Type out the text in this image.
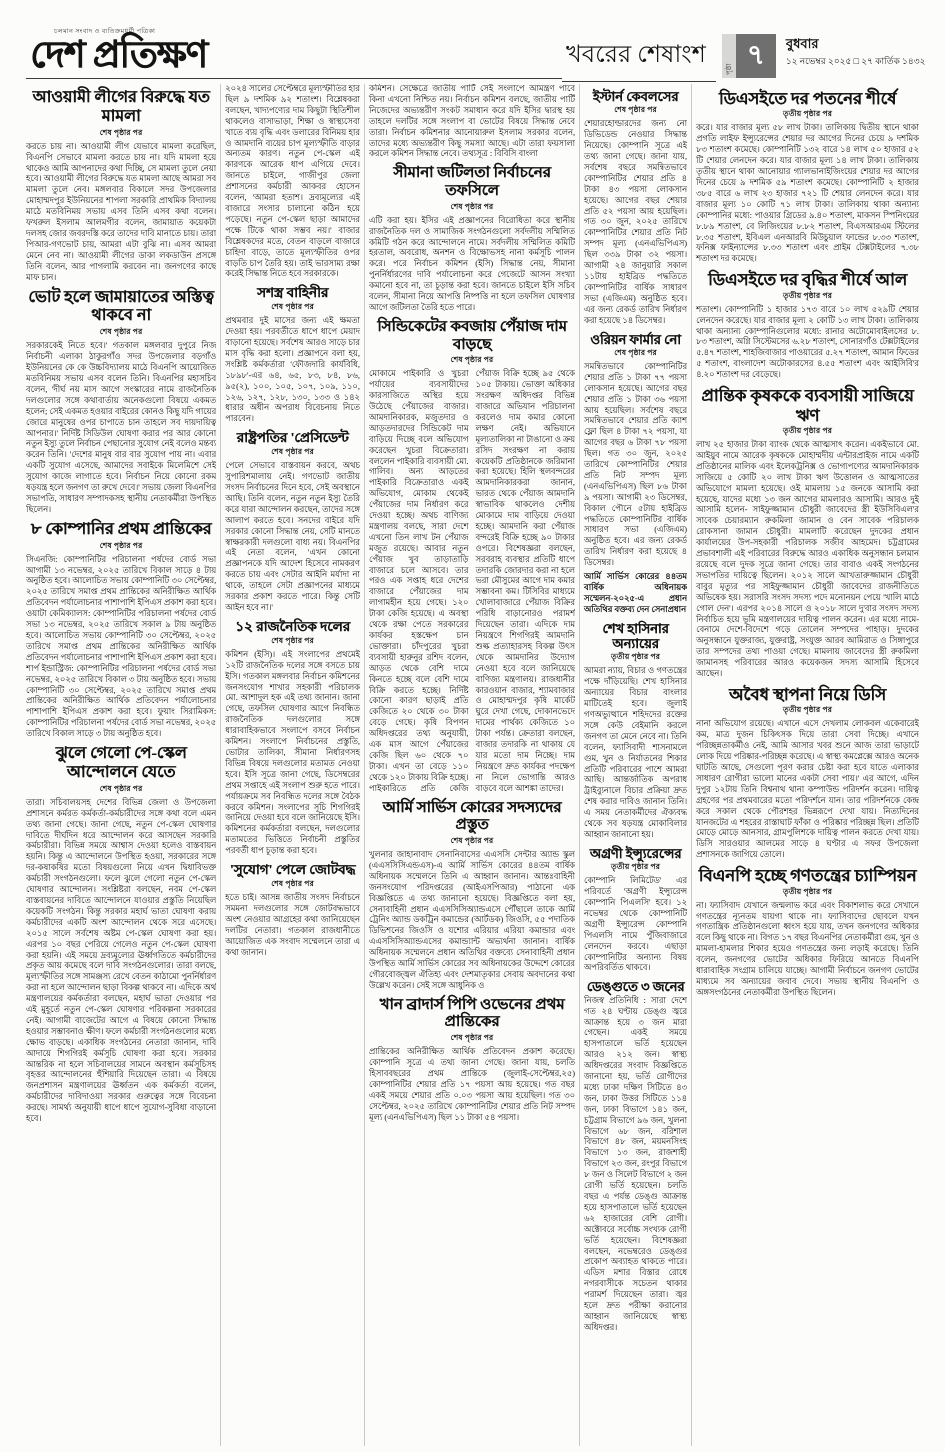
চলমান সংবাদ ও ব্যতিক্রমধর্মী পত্রিকা
দেশ প্রতিক্ষণ	খবরের শেষাংশ
পৃষ্ঠা ৭	বুধবার
১২ নভেম্বর ২০২৫ □ ২৭ কার্তিক ১৪৩২
আওয়ামী লীগের বিরুদ্ধে যত মামলা
শেষ পৃষ্ঠার পর
করতে চায় না। আওয়ামী লীগ যেভাবে মামলা করেছিল, বিএনপি সেভাবে মামলা করতে চায় না। যদি মামলা হয়ে থাকেও আমি আপনাদের কথা দিচ্ছি, সে মামলা তুলে নেয়া হবে। আওয়ামী লীগের বিরুদ্ধে যত মামলা আছে আমরা সব মামলা তুলে নেব। মঙ্গলবার বিকালে সদর উপজেলার মোহাম্মদপুর ইউনিয়নের শাপলা সরকারি প্রাথমিক বিদ্যালয় মাঠে মতবিনিময় সভায় এসব তিনি এসব কথা বলেন। ফখরুল ইসলাম আলমগীর বলেন, জামায়াত কয়েকটা দলসহ জোর জবরদস্তি করে তাদের দাবি মানাতে চায়। তারা পিআর-গণভোট চায়, আমরা এটা বুঝি না। এসব আমরা মেনে নেব না। আওয়ামী লীগের ডাকা লকডাউন প্রসঙ্গে তিনি বলেন, আর পাগলামি করবেন না। জনগণের কাছে মাফ চান।
ভোট হলে জামায়াতের অস্তিত্ব থাকবে না
শেষ পৃষ্ঠার পর
সরকারকেই নিতে হবে।' গতকাল মঙ্গলবার দুপুরে নিজ নির্বাচনী এলাকা ঠাকুরগাঁও সদর উপজেলার বড়গাঁও ইউনিয়নের কে কে উচ্চবিদ্যালয় মাঠে বিএনপি আয়োজিত মতবিনিময় সভায় এসব বলেন তিনি। বিএনপির মহাসচিব বলেন, 'দীর্ঘ নয় মাস আগে সংস্কারের নামে রাজনৈতিক দলগুলোর সঙ্গে কথাবার্তায় অনেকগুলো বিষয়ে একমত হলেন; সেই একমত হওয়ার বাইরের কোনও কিছু যদি গায়ের জোরে মানুষের ওপর চাপাতে চান তাহলে সব দায়দায়িত্ব আপনার।' নির্দিষ্ট সিডিউল ঘোষণা করার পর আর কোনো নতুন ইস্যু তুলে নির্বাচন পেছানোর সুযোগ নেই বলেও মন্তব্য করেন তিনি। 'দেশের মানুষ বার বার সুযোগ পায় না। এবার একটি সুযোগ এসেছে, আমাদের সবাইকে মিলেমিশে সেই সুযোগ কাজে লাগাতে হবে। নির্বাচন নিয়ে কোনো রকম ষড়যন্ত্র হলে জনগণ তা রুখে দেবে।' সভায় জেলা বিএনপির সভাপতি, সাধারণ সম্পাদকসহ স্থানীয় নেতাকর্মীরা উপস্থিত ছিলেন।
৮ কোম্পানির প্রথম প্রান্তিকের
শেষ পৃষ্ঠার পর
সিএনজি: কোম্পানিটির পরিচালনা পর্ষদের বোর্ড সভা আগামী ১৩ নভেম্বর, ২০২৫ তারিখে বিকাল সাড়ে ৪ টায় অনুষ্ঠিত হবে। আলোচিত সভায় কোম্পানিটি ৩০ সেপ্টেম্বর, ২০২৫ তারিখে সমাপ্ত প্রথম প্রান্তিকের অনিরীক্ষিত আর্থিক প্রতিবেদন পর্যালোচনার পাশাপাশি ইপিএস প্রকাশ করা হবে। ওয়াটা কেমিক্যালস: কোম্পানিটির পরিচালনা পর্ষদের বোর্ড সভা ১৩ নভেম্বর, ২০২৫ তারিখে সকাল ৯ টায় অনুষ্ঠিত হবে। আলোচিত সভায় কোম্পানিটি ৩০ সেপ্টেম্বর, ২০২৫ তারিখে সমাপ্ত প্রথম প্রান্তিকের অনিরীক্ষিত আর্থিক প্রতিবেদন পর্যালোচনার পাশাপাশি ইপিএস প্রকাশ করা হবে। শার্প ইন্ডাস্ট্রিজ: কোম্পানিটির পরিচালনা পর্ষদের বোর্ড সভা নভেম্বর, ২০২৫ তারিখে বিকাল ৩ টায় অনুষ্ঠিত হবে। সভায় কোম্পানিটি ৩০ সেপ্টেম্বর, ২০২৫ তারিখে সমাপ্ত প্রথম প্রান্তিকের অনিরীক্ষিত আর্থিক প্রতিবেদন পর্যালোচনার পাশাপাশি ইপিএস প্রকাশ করা হবে। ফুয়াং সিরামিকস: কোম্পানিটির পরিচালনা পর্ষদের বোর্ড সভা নভেম্বর, ২০২৫ তারিখে বিকাল সাড়ে ৩ টায় অনুষ্ঠিত হবে।
ঝুলে গেলো পে-স্কেল আন্দোলনে যেতে
শেষ পৃষ্ঠার পর
তারা। সচিবালয়সহ দেশের বিভিন্ন জেলা ও উপজেলা প্রশাসনে কর্মরত কর্মকর্তা-কর্মচারীদের সঙ্গে কথা বলে এমন তথ্য জানা গেছে। জানা গেছে, নতুন পে-স্কেল ঘোষণার দাবিতে দীর্ঘদিন ধরে আন্দোলন করে আসছেন সরকারি কর্মচারীরা। বিভিন্ন সময়ে আশ্বাস দেওয়া হলেও বাস্তবায়ন হয়নি। কিন্তু এ আন্দোলনে উপস্থিত হওয়া, সরকারের সঙ্গে দর-কষাকষির মতো বিষয়গুলো নিয়ে এখন দ্বিধাবিভক্ত কর্মচারী সংগঠনগুলো। ফলে ঝুলে গেলো নতুন পে-স্কেল ঘোষণার আন্দোলন। সংশ্লিষ্টরা বলছেন, নবম পে-স্কেল বাস্তবায়নের দাবিতে আন্দোলনে যাওয়ার প্রস্তুতি নিয়েছিল কয়েকটি সংগঠন। কিন্তু সরকার মহার্ঘ ভাতা ঘোষণা করায় কর্মচারীদের একটি অংশ আন্দোলন থেকে সরে এসেছে। ২০১৫ সালে সর্বশেষ অষ্টম পে-স্কেল ঘোষণা করা হয়। এরপর ১০ বছর পেরিয়ে গেলেও নতুন পে-স্কেল ঘোষণা করা হয়নি। এই সময়ে দ্রব্যমূল্যের ঊর্ধ্বগতিতে কর্মচারীদের প্রকৃত আয় কমেছে বলে দাবি সংগঠনগুলোর। তারা বলছে, মূল্যস্ফীতির সঙ্গে সামঞ্জস্য রেখে বেতন কাঠামো পুনর্নির্ধারণ করা না হলে আন্দোলন ছাড়া বিকল্প থাকবে না। এদিকে অর্থ মন্ত্রণালয়ের কর্মকর্তারা বলছেন, মহার্ঘ ভাতা দেওয়ার পর এই মুহূর্তে নতুন পে-স্কেল ঘোষণার পরিকল্পনা সরকারের নেই। আগামী বাজেটের আগে এ বিষয়ে কোনো সিদ্ধান্ত হওয়ার সম্ভাবনাও ক্ষীণ। ফলে কর্মচারী সংগঠনগুলোর মধ্যে ক্ষোভ বাড়ছে। একাধিক সংগঠনের নেতারা জানান, দাবি আদায়ে শিগগিরই কর্মসূচি ঘোষণা করা হবে। সরকার আন্তরিক না হলে সচিবালয়ের সামনে অবস্থান কর্মসূচিসহ বৃহত্তর আন্দোলনের হুঁশিয়ারি দিয়েছেন তারা। এ বিষয়ে জনপ্রশাসন মন্ত্রণালয়ের ঊর্ধ্বতন এক কর্মকর্তা বলেন, কর্মচারীদের দাবিদাওয়া সরকার গুরুত্বের সঙ্গে বিবেচনা করছে। সামর্থ্য অনুযায়ী ধাপে ধাপে সুযোগ-সুবিধা বাড়ানো হবে।
২০২৪ সালের সেপ্টেম্বরে মূল্যস্ফীতির হার ছিল ৯ দশমিক ৯২ শতাংশ। বিশ্লেষকরা বলছেন, খাদ্যপণ্যের দাম কিছুটা স্থিতিশীল থাকলেও বাসাভাড়া, শিক্ষা ও স্বাস্থ্যসেবা খাতে ব্যয় বৃদ্ধি এবং ডলারের বিনিময় হার ও আমদানি ব্যয়ের চাপ মূল্যস্ফীতি বাড়ার অন্যতম কারণ। নতুন পে-স্কেল এই কারণকে আরেক ধাপ এগিয়ে দেবে। জানতে চাইলে, গাজীপুর জেলা প্রশাসনের কর্মচারী আকবর হোসেন বলেন, 'আমরা হতাশ। দ্রব্যমূল্যের এই বাজারে সংসার চালানো কঠিন হয়ে পড়েছে। নতুন পে-স্কেল ছাড়া আমাদের পক্ষে টিকে থাকা সম্ভব নয়।' বাজার বিশ্লেষকদের মতে, বেতন বাড়লে বাজারে চাহিদা বাড়ে, তাতে মূল্যস্ফীতির ওপর বাড়তি চাপ তৈরি হয়। তাই ভারসাম্য রক্ষা করেই সিদ্ধান্ত নিতে হবে সরকারকে।
সশস্ত্র বাহিনীর
শেষ পৃষ্ঠার পর
প্রথমবার দুই মাসের জন্য এই ক্ষমতা দেওয়া হয়। পরবর্তীতে ধাপে ধাপে মেয়াদ বাড়ানো হয়েছে। সর্বশেষ আরও সাড়ে চার মাস বৃদ্ধি করা হলো। প্রজ্ঞাপনে বলা হয়, সংশ্লিষ্ট কর্মকর্তারা 'ফৌজদারি কার্যবিধি, ১৮৯৮'-এর ৬৪, ৬৫, ৮৩, ৮৪, ৮৬, ৯৫(২), ১০০, ১০৫, ১০৭, ১০৯, ১১০, ১২৬, ১২৭, ১২৮, ১৩০, ১৩৩ ও ১৪২ ধারার অধীন অপরাধ বিবেচনায় নিতে পারবেন।
রাষ্ট্রপতির 'প্রেসিডেন্ট
শেষ পৃষ্ঠার পর
পেলে সেভাবে বাস্তবায়ন করবে, অথচ সুপারিশমালায় নেই। গণভোট জাতীয় সংসদ নির্বাচনের দিনে হবে, সেই অবস্থানে আছি। তিনি বলেন, নতুন নতুন ইস্যু তৈরি করে যারা আন্দোলন করছেন, তাদের সঙ্গে আলাপ করতে হবে। সনদের বাইরে যদি সরকার কোনো সিদ্ধান্ত নেয়, সেটি মানতে স্বাক্ষরকারী দলগুলো বাধ্য নয়। বিএনপির এই নেতা বলেন, 'এখন কোনো প্রজ্ঞাপনকে যদি আদেশ হিসেবে নামকরণ করতে চায় এবং সেটার আইনি মর্যাদা না থাকে, তাহলে সেটা প্রজ্ঞাপনের মাধ্যমে সরকার প্রকাশ করতে পারে। কিন্তু সেটি আইন হবে না।'
১২ রাজনৈতিক দলের
শেষ পৃষ্ঠার পর
কমিশন (ইসি)। এই সংলাপের প্রথমেই ১২টি রাজনৈতিক দলের সঙ্গে বসতে চায় ইসি। গতকাল মঙ্গলবার নির্বাচন কমিশনের জনসংযোগ শাখার সহকারী পরিচালক মো. আশাদুল হক এই তথ্য জানান। জানা গেছে, তফসিল ঘোষণার আগে নিবন্ধিত রাজনৈতিক দলগুলোর সঙ্গে ধারাবাহিকভাবে সংলাপে বসবে নির্বাচন কমিশন। সংলাপে নির্বাচনের প্রস্তুতি, ভোটার তালিকা, সীমানা নির্ধারণসহ বিভিন্ন বিষয়ে দলগুলোর মতামত নেওয়া হবে। ইসি সূত্রে জানা গেছে, ডিসেম্বরের প্রথম সপ্তাহে এই সংলাপ শুরু হতে পারে। পর্যায়ক্রমে সব নিবন্ধিত দলের সঙ্গে বৈঠক করবে কমিশন। সংলাপের সূচি শিগগিরই জানিয়ে দেওয়া হবে বলে জানিয়েছে ইসি। কমিশনের কর্মকর্তারা বলছেন, দলগুলোর মতামতের ভিত্তিতে নির্বাচনী প্রস্তুতির পরবর্তী ধাপ চূড়ান্ত করা হবে।
'সুযোগ' পেলে জোটবদ্ধ
শেষ পৃষ্ঠার পর
হতে চাই। আসন্ন জাতীয় সংসদ নির্বাচনে সমমনা দলগুলোর সঙ্গে জোটবদ্ধভাবে অংশ নেওয়ার আগ্রহের কথা জানিয়েছেন দলটির নেতারা। গতকাল রাজধানীতে আয়োজিত এক সংবাদ সম্মেলনে তারা এ কথা জানান।
কমিশন। সেক্ষেত্রে জাতীয় পার্টি সেই সংলাপে আমন্ত্রণ পাবে কিনা এখনো নিশ্চিত নয়। নির্বাচন কমিশন বলছে, জাতীয় পার্টি নিজেদের অভ্যন্তরীণ সংকট সমাধান করে যদি ইসির দ্বারস্থ হয় তাহলে দলটির সঙ্গে সংলাপ বা ভোটের বিষয়ে সিদ্ধান্ত নেবে তারা। নির্বাচন কমিশনার আনোয়ারুল ইসলাম সরকার বলেন, তাদের মধ্যে অভ্যন্তরীণ কিছু সমস্যা আছে। এটা তারা ফয়সালা করলে কমিশন সিদ্ধান্ত নেবে। তথ্যসূত্র : বিবিসি বাংলা
সীমানা জটিলতা নির্বাচনের তফসিলে
শেষ পৃষ্ঠার পর
এটি করা হয়। ইসির এই প্রজ্ঞাপনের বিরোধিতা করে স্থানীয় রাজনৈতিক দল ও সামাজিক সংগঠনগুলো সর্বদলীয় সম্মিলিত কমিটি গঠন করে আন্দোলনে নামে। সর্বদলীয় সম্মিলিত কমিটি হরতাল, অবরোধ, অনশন ও বিক্ষোভসহ নানা কর্মসূচি পালন করে। পরে নির্বাচন কমিশন (ইসি) সিদ্ধান্ত নেয়, সীমানা পুনর্নির্ধারণের দাবি পর্যালোচনা করে গেজেটে আসন সংখ্যা কমানো হবে না, তা চূড়ান্ত করা হবে। জানতে চাইলে ইসি সচিব বলেন, সীমানা নিয়ে আপত্তি নিষ্পত্তি না হলে তফসিল ঘোষণার আগে জটিলতা তৈরি হতে পারে।
সিন্ডিকেটের কবজায় পেঁয়াজ দাম বাড়ছে
শেষ পৃষ্ঠার পর
মোকামে পাইকারি ও খুচরা পর্যায়ের ব্যবসায়ীদের কারসাজিতে অস্থির হয়ে উঠেছে পেঁয়াজের বাজার। আমদানিকারক, মজুতদার ও আড়তদারদের সিন্ডিকেট দাম বাড়িয়ে দিচ্ছে বলে অভিযোগ করেছেন খুচরা বিক্রেতারা। বললেন পাইকারি ব্যবসায়ী মো. গালিব। অন্য আড়তের পাইকারি বিক্রেতারাও একই অভিযোগ, মোকাম থেকেই পেঁয়াজের দাম নির্ধারণ করে দেওয়া হচ্ছে। অথচ বাণিজ্য মন্ত্রণালয় বলছে, সারা দেশে এখনো তিন লাখ টন পেঁয়াজ মজুত রয়েছে। আবার নতুন পেঁয়াজ খুব তাড়াতাড়ি বাজারে চলে আসবে। তার পরও এক সপ্তাহ ধরে দেশের বাজারে পেঁয়াজের দাম লাগামহীন হয়ে গেছে। ১২০ টাকা কেজি হয়েছে। এ অবস্থা থেকে রক্ষা পেতে সরকারের কার্যকর হস্তক্ষেপ চান ভোক্তারা। চাঁদপুরের খুচরা ব্যবসায়ী হারুনুর রশিদ বলেন, আড়ত থেকে বেশি দামে কিনতে হচ্ছে বলে বেশি দামে বিক্রি করতে হচ্ছে। নির্দিষ্ট কোনো কারণ ছাড়াই প্রতি কেজিতে ২০ থেকে ৩০ টাকা বেড়ে গেছে। কৃষি বিপণন অধিদপ্তরের তথ্য অনুযায়ী, এক মাস আগে পেঁয়াজের কেজি ছিল ৬০ থেকে ৭০ টাকা। এখন তা বেড়ে ১১০ থেকে ১২০ টাকায় বিক্রি হচ্ছে। পাইকারিতে প্রতি কেজি পেঁয়াজ বিক্রি হচ্ছে ৯৫ থেকে ১০৫ টাকায়। ভোক্তা অধিকার সংরক্ষণ অধিদপ্তর বিভিন্ন বাজারে অভিযান পরিচালনা করলেও দাম কমার কোনো লক্ষণ নেই। অভিযানে মূল্যতালিকা না টাঙানো ও ক্রয় রসিদ সংরক্ষণ না করায় কয়েকটি প্রতিষ্ঠানকে জরিমানা করা হয়েছে। হিলি স্থলবন্দরের আমদানিকারকরা জানান, ভারত থেকে পেঁয়াজ আমদানি স্বাভাবিক থাকলেও দেশীয় মোকামে দাম বাড়িয়ে দেওয়া হচ্ছে। আমদানি করা পেঁয়াজ বন্দরেই বিক্রি হচ্ছে ৯০ টাকার ওপরে। বিশেষজ্ঞরা বলছেন, সরবরাহ ব্যবস্থার প্রতিটি ধাপে তদারকি জোরদার করা না হলে ভরা মৌসুমের আগে দাম কমার সম্ভাবনা কম। টিসিবির মাধ্যমে খোলাবাজারে পেঁয়াজ বিক্রির পরিধি বাড়ানোরও পরামর্শ দিয়েছেন তারা। এদিকে দাম নিয়ন্ত্রণে শিগগিরই আমদানি শুল্ক প্রত্যাহারসহ বিকল্প উৎস থেকে আমদানির উদ্যোগ নেওয়া হবে বলে জানিয়েছে বাণিজ্য মন্ত্রণালয়। রাজধানীর কারওয়ান বাজার, শ্যামবাজার ও মোহাম্মদপুর কৃষি মার্কেট ঘুরে দেখা গেছে, দোকানভেদে দামের পার্থক্য কেজিতে ১০ টাকা পর্যন্ত। ক্রেতারা বলছেন, বাজার তদারকি না থাকায় যে যার মতো দাম নিচ্ছে। দাম নিয়ন্ত্রণে দ্রুত কার্যকর পদক্ষেপ না নিলে ভোগান্তি আরও বাড়বে বলে আশঙ্কা তাদের।
আর্মি সার্ভিস কোরের সদস্যদের প্রস্তুত
শেষ পৃষ্ঠার পর
খুলনার জাহানাবাদ সেনানিবাসের এএসসি সেন্টার অ্যান্ড স্কুল (এএসসিসিএন্ডএস)-এ আর্মি সার্ভিস কোরের ৪৪তম বার্ষিক অধিনায়ক সম্মেলনে তিনি এ আহ্বান জানান। আন্তঃবাহিনী জনসংযোগ পরিদপ্তরের (আইএসপিআর) পাঠানো এক বিজ্ঞপ্তিতে এ তথ্য জানানো হয়েছে। বিজ্ঞপ্তিতে বলা হয়, সেনাবাহিনী প্রধান এএসসিসিঅ্যান্ডএসে পৌঁছালে তাকে আর্মি ট্রেনিং অ্যান্ড ডকট্রিন কমান্ডের (আর্টডক) জিওসি, ৫৫ পদাতিক ডিভিশনের জিওসি ও যশোর এরিয়ার এরিয়া কমান্ডার এবং এএসসিসিঅ্যান্ডএসের কমান্ড্যান্ট অভ্যর্থনা জানান। বার্ষিক অধিনায়ক সম্মেলনে প্রধান অতিথির বক্তব্যে সেনাবাহিনী প্রধান উপস্থিত আর্মি সার্ভিস কোরের সব অধিনায়কের উদ্দেশে কোরের গৌরবোজ্জ্বল ঐতিহ্য এবং দেশমাতৃকার সেবায় অবদানের কথা উল্লেখ করেন। সেই সঙ্গে আধুনিক ও
খান ব্রাদার্স পিপি ওভেনের প্রথম প্রান্তিকের
শেষ পৃষ্ঠার পর
প্রান্তিকের অনিরীক্ষিত আর্থিক প্রতিবেদন প্রকাশ করেছে। কোম্পানি সূত্রে এ তথ্য জানা গেছে। জানা যায়, চলতি হিসাববছরের প্রথম প্রান্তিকে (জুলাই-সেপ্টেম্বর,২৫) কোম্পানিটির শেয়ার প্রতি ১৭ পয়সা আয় হয়েছে। গত বছর একই সময়ে শেয়ার প্রতি ০.০৩ পয়সা আয় হয়েছিল। গত ৩০ সেপ্টেম্বর, ২০২৫ তারিখে কোম্পানিটির শেয়ার প্রতি নিট সম্পদ মূল্য (এনএভিপিএস) ছিল ১১ টাকা ৫৪ পয়সা।
ইস্টার্ন কেবলসের
শেষ পৃষ্ঠার পর
শেয়ারহোল্ডারদের জন্য নো ডিভিডেন্ড নেওয়ার সিদ্ধান্ত নিয়েছে। কোম্পানি সূত্রে এই তথ্য জানা গেছে। জানা যায়, সর্বশেষ বছরে সমন্বিতভাবে কোম্পানিটির শেয়ার প্রতি ৪ টাকা ৪৩ পয়সা লোকসান হয়েছে। আগের বছর শেয়ার প্রতি ৫২ পয়সা আয় হয়েছিল। গত ৩০ জুন, ২০২৫ তারিখে কোম্পানিটির শেয়ার প্রতি নিট সম্পদ মূল্য (এনএভিপিএস) ছিল ৩৩৯ টাকা ৩২ পয়সা। আগামী ২৪ জানুয়ারি সকাল ১১টায় হাইব্রিড পদ্ধতিতে কোম্পানিটির বার্ষিক সাধারণ সভা (এজিএম) অনুষ্ঠিত হবে। এর জন্য রেকর্ড তারিখ নির্ধারণ করা হয়েছে ১৪ ডিসেম্বর।
ওরিয়ন ফার্মার নো
শেষ পৃষ্ঠার পর
সমন্বিতভাবে কোম্পানিটির শেয়ার প্রতি ১ টাকা ৭৭ পয়সা লোকসান হয়েছে। আগের বছর শেয়ার প্রতি ১ টাকা ৩৬ পয়সা আয় হয়েছিল। সর্বশেষ বছরে সমন্বিতভাবে শেয়ার প্রতি ক্যাশ ফ্লো ছিল ৪ টাকা ৭২ পয়সা, যা আগের বছর ৬ টাকা ৭৮ পয়সা ছিল। গত ৩০ জুন, ২০২৫ তারিখে কোম্পানিটির শেয়ার প্রতি নিট সম্পদ মূল্য (এনএভিপিএস) ছিল ৮৬ টাকা ৯ পয়সা। আগামী ২৩ ডিসেম্বর, বিকাল পৌনে ৫টায় হাইব্রিড পদ্ধতিতে কোম্পানিটির বার্ষিক সাধারণ সভা (এজিএম) অনুষ্ঠিত হবে। এর জন্য রেকর্ড তারিখ নির্ধারণ করা হয়েছে ৪ ডিসেম্বর।
আর্মি সার্ভিস কোরের ৪৪তম বার্ষিক অধিনায়ক সম্মেলন-২০২৫-এ প্রধান অতিথির বক্তব্য দেন সেনাপ্রধান
শেখ হাসিনার অন্যায়ের
তৃতীয় পৃষ্ঠার পর
আমরা ন্যায়, বিচার ও গণতন্ত্রের পক্ষে দাঁড়িয়েছি। শেখ হাসিনার অন্যায়ের বিচার বাংলার মাটিতেই হবে। জুলাই গণঅভ্যুত্থানে শহিদদের রক্তের সঙ্গে কেউ বেইমানি করলে জনগণ তা মেনে নেবে না। তিনি বলেন, ফ্যাসিবাদী শাসনামলে গুম, খুন ও নির্যাতনের শিকার প্রতিটি পরিবারের পাশে আমরা আছি। আন্তর্জাতিক অপরাধ ট্রাইব্যুনালে বিচার প্রক্রিয়া দ্রুত শেষ করার দাবিও জানান তিনি। এ সময় নেতাকর্মীদের ঐক্যবদ্ধ থেকে সব ষড়যন্ত্র মোকাবিলার আহ্বান জানানো হয়।
অগ্রণী ইন্স্যুরেন্সের
তৃতীয় পৃষ্ঠার পর
কোম্পানি লিমিটেড' এর পরিবর্তে 'অগ্রণী ইন্স্যুরেন্স কোম্পানি পিএলসি' হবে। ১২ নভেম্বর থেকে কোম্পানিটি অগ্রণী ইন্স্যুরেন্স কোম্পানি পিএলসি নামে পুঁজিবাজারে লেনদেন করবে। এছাড়া কোম্পানিটির অন্যান্য বিষয় অপরিবর্তিত থাকবে।
ডেঙ্গুতে ৩ জনের
নিজস্ব প্রতিনিধি : সারা দেশে গত ২৪ ঘণ্টায় ডেঙ্গু জ্বরে আক্রান্ত হয়ে ৩ জন মারা গেছেন। একই সময়ে হাসপাতালে ভর্তি হয়েছেন আরও ২১২ জন। স্বাস্থ্য অধিদপ্তরের সংবাদ বিজ্ঞপ্তিতে জানানো হয়, ভর্তি রোগীদের মধ্যে ঢাকা দক্ষিণ সিটিতে ৪৩ জন, ঢাকা উত্তর সিটিতে ১১৪ জন, ঢাকা বিভাগে ১৪১ জন, চট্টগ্রাম বিভাগে ৯৬ জন, খুলনা বিভাগে ৬৮ জন, বরিশাল বিভাগে ৪৮ জন, ময়মনসিংহ বিভাগে ১৩ জন, রাজশাহী বিভাগে ২৩ জন, রংপুর বিভাগে ৮ জন ও সিলেট বিভাগে ২ জন রোগী ভর্তি হয়েছেন। চলতি বছর এ পর্যন্ত ডেঙ্গু আক্রান্ত হয়ে হাসপাতালে ভর্তি হয়েছেন ৬২ হাজারের বেশি রোগী। অক্টোবরে সর্বোচ্চ সংখ্যক রোগী ভর্তি হয়েছেন। বিশেষজ্ঞরা বলছেন, নভেম্বরেও ডেঙ্গুর প্রকোপ অব্যাহত থাকতে পারে। এডিস মশার বিস্তার রোধে নগরবাসীকে সচেতন থাকার পরামর্শ দিয়েছেন তারা। জ্বর হলে দ্রুত পরীক্ষা করানোর আহ্বান জানিয়েছে স্বাস্থ্য অধিদপ্তর।
ডিএসইতে দর পতনের শীর্ষে
তৃতীয় পৃষ্ঠার পর
করে। যার বাজার মূল্য ৫৮ লাখ টাকা। তালিকায় দ্বিতীয় স্থানে থাকা প্রগতি লাইফ ইন্স্যুরেন্সের শেয়ার দর আগের দিনের চেয়ে ৯ দশমিক ৮৩ শতাংশ কমেছে। কোম্পানিটি ১৩২ বারে ১৪ লাখ ৫০ হাজার ৫২ টি শেয়ার লেনদেন করে। যার বাজার মূল্য ১৪ লাখ টাকা। তালিকায় তৃতীয় স্থানে থাকা আনোয়ার গ্যালভানাইজিংয়ের শেয়ার দর আগের দিনের চেয়ে ৯ দশমিক ৫৯ শতাংশ কমেছে। কোম্পানিটি ২ হাজার ৩৮৫ বারে ৬ লাখ ২৩ হাজার ৭২১ টি শেয়ার লেনদেন করে। যার বাজার মূল্য ১০ কোটি ৭১ লাখ টাকা। তালিকায় থাকা অন্যান্য কোম্পানির মধ্যে: পাওয়ার গ্রিডের ৯.৪০ শতাংশ, মাকসন স্পিনিংয়ের ৮.৮৯ শতাংশ, বে লিজিংয়ের ৮.৮২ শতাংশ, বিএসআরএম স্টিলের ৮.৩৫ শতাংশ, ইবিএল এনআরবি মিউচুয়াল ফান্ডের ৮.৩৩ শতাংশ, ফনিক্স ফাইন্যান্সের ৮.৩৩ শতাংশ এবং প্রাইম টেক্সটাইলের ৭.৩৮ শতাংশ দর কমেছে।
ডিএসইতে দর বৃদ্ধির শীর্ষে আল
তৃতীয় পৃষ্ঠার পর
শতাংশ। কোম্পানিটি ১ হাজার ১৭৩ বারে ১০ লাখ ৫২৯টি শেয়ার লেনদেন করেছে। যার বাজার মূল্য ২ কোটি ১৩ লাখ টাকা। তালিকায় থাকা অন্যান্য কোম্পানিগুলোর মধ্যে: রানার অটোমোবাইলসের ৮. ৮৩ শতাংশ, অগ্নি সিস্টেমসের ৬.২৮ শতাংশ, সোনারগাঁও টেক্সটাইলের ৫.৪৭ শতাংশ, শাহজিবাজার পাওয়ারের ৫.২৭ শতাংশ, আমান ফিডের ৫ শতাংশ, বাংলাদেশ অটোকারসের ৪.৫৫ শতাংশ এবং আইসিবি'র ৪.২০ শতাংশ দর বেড়েছে।
প্রান্তিক কৃষককে ব্যবসায়ী সাজিয়ে ঋণ
তৃতীয় পৃষ্ঠার পর
লাখ ২৫ হাজার টাকা ব্যাংক থেকে আত্মসাৎ করেন। একইভাবে মো. আইয়ুব নামে আরেক কৃষককে মোহাম্মদীয় এন্টারপ্রাইজ নামে একটি প্রতিষ্ঠানের মালিক এবং ইলেকট্রনিক্স ও ভোগ্যপণ্যের আমদানিকারক সাজিয়ে ৫ কোটি ২০ লাখ টাকা ঋণ উত্তোলন ও আত্মসাতের অভিযোগে মামলা হয়েছে। ওই মামলায় ১৫ জনকে আসামি করা হয়েছে, যাদের মধ্যে ১৩ জন আগের মামলারও আসামি। আরও দুই আসামি হলেন- সাইফুজ্জামান চৌধুরী জাবেদের স্ত্রী ইউসিবিএল'র সাবেক চেয়ারম্যান রুকমিলা জামান ও বেন সাবেক পরিচালক রোকসানা জামান চৌধুরী। মামলাটি করেছেন দুদকের প্রধান কার্যালয়ের উপ-সহকারী পরিচালক সজীব আহমেদ। চট্টগ্রামের প্রভাবশালী এই পরিবারের বিরুদ্ধে আরও একাধিক অনুসন্ধান চলমান রয়েছে বলে দুদক সূত্রে জানা গেছে। তার বাবাও একই সংগঠনের সভাপতির দায়িত্বে ছিলেন। ২০১২ সালে আখতারুজ্জামান চৌধুরী বাবুর মৃত্যুর পর সাইফুজ্জামান চৌধুরী জাবেদের রাজনীতিতে অভিষেক হয়। সরাসরি সংসদ সদস্য পদে মনোনয়ন পেয়ে 'খালি মাঠে গোল দেন'। এরপর ২০১৪ সালে ও ২০১৮ সালে দু'বার সংসদ সদস্য নির্বাচিত হয়ে ভূমি মন্ত্রণালয়ের দায়িত্ব পালন করেন। এর মধ্যে নামে-বেনামে দেশে-বিদেশে গড়ে তোলেন সম্পদের পাহাড়। দুদকের অনুসন্ধানে যুক্তরাজ্য, যুক্তরাষ্ট্র, সংযুক্ত আরব আমিরাত ও সিঙ্গাপুরে তার সম্পদের তথ্য পাওয়া গেছে। মামলায় জাবেদের স্ত্রী রুকমিলা জামানসহ পরিবারের আরও কয়েকজন সদস্য আসামি হিসেবে আছেন।
অবৈধ স্থাপনা নিয়ে ডিসি
তৃতীয় পৃষ্ঠার পর
নানা অভিযোগ রয়েছে। এখানে এসে দেখলাম লোকবল একেবারেই কম, মাত্র দুজন চিকিৎসক দিয়ে তারা সেবা দিচ্ছে। এখানে পরিচ্ছন্নতাকর্মীও নেই, আমি আসার খবর শুনে আজ তারা ভাড়াটে লোক দিয়ে পরিষ্কার-পরিচ্ছন্ন করেছে। এ স্বাস্থ্য কমপ্লেক্সে আরও অনেক ঘাটতি আছে, সেগুলো পূরণ করার চেষ্টা করা হবে যাতে এলাকার সাধারণ রোগীরা ভালো মানের একটা সেবা পায়।' এর আগে, এদিন দুপুর ১২টায় তিনি বিশ্বনাথ থানা কম্পাউন্ড পরিদর্শন করেন। দায়িত্ব গ্রহণের পর প্রথমবারের মতো পরিদর্শনে যান। তার পরিদর্শনকে কেন্দ্র করে সকাল থেকে পৌরশহর ভিন্নরূপে দেখা যায়। নিত্যদিনের যানজটের এ শহরের রাস্তাঘাট ফাঁকা ও পরিষ্কার পরিচ্ছন্ন ছিল। প্রতিটি মোড়ে মোড়ে আনসার, গ্রামপুলিশকে দায়িত্ব পালন করতে দেখা যায়। ডিসি সারওয়ার আলমের সাড়ে ৪ ঘণ্টার এ সফর উপজেলা প্রশাসনকে জাগিয়ে তোলে।
বিএনপি হচ্ছে গণতন্ত্রের চ্যাম্পিয়ন
তৃতীয় পৃষ্ঠার পর
না। ফ্যাসিবাদ যেখানে জন্মলাভ করে এবং বিকাশলাভ করে সেখানে গণতন্ত্রের ন্যূনতম যায়গা থাকে না। ফ্যাসিবাদের ছোবলে যখন গণতান্ত্রিক প্রতিষ্ঠানগুলো ধ্বংস হয়ে যায়, তখন জনগণের অধিকার বলে কিছু থাকে না। বিগত ১৭ বছর বিএনপির নেতাকর্মীরা গুম, খুন ও মামলা-হামলার শিকার হয়েও গণতন্ত্রের জন্য লড়াই করেছে। তিনি বলেন, জনগণের ভোটের অধিকার ফিরিয়ে আনতে বিএনপি ধারাবাহিক সংগ্রাম চালিয়ে যাচ্ছে। আগামী নির্বাচনে জনগণ ভোটের মাধ্যমে সব অন্যায়ের জবাব দেবে। সভায় স্থানীয় বিএনপি ও অঙ্গসংগঠনের নেতাকর্মীরা উপস্থিত ছিলেন।
